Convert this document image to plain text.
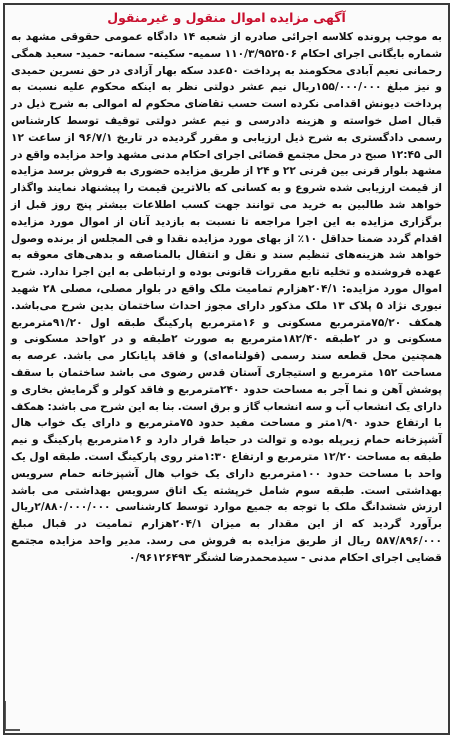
آگهی مزایده اموال منقول و غیرمنقول

به موجب پرونده کلاسه اجرائی صادره از شعبه ۱۴ دادگاه عمومی حقوقی مشهد به شماره بایگانی اجرای احکام ۱۱۰/۳/۹۵۲۵۰۶ سمیه- سکینه- سمانه- حمید- سعید همگی رحمانی نعیم آبادی محکومند به پرداخت ۵۰عدد سکه بهار آزادی در حق نسرین حمیدی و نیز مبلغ ۱۵۵/۰۰۰/۰۰۰ریال نیم عشر دولتی نظر به اینکه محکوم علیه نسبت به پرداخت دیونش اقدامی نکرده است حسب تقاضای محکوم له اموالی به شرح ذیل در قبال اصل خواسته و هزینه دادرسی و نیم عشر دولتی توقیف توسط کارشناس رسمی دادگستری به شرح ذیل ارزیابی و مقرر گردیده در تاریخ ۹۶/۷/۱ از ساعت ۱۲ الی ۱۲:۴۵ صبح در محل مجتمع قضائی اجرای احکام مدنی مشهد واحد مزایده واقع در مشهد بلوار قرنی بین قرنی ۲۲ و ۲۴ از طریق مزایده حضوری به فروش برسد مزایده از قیمت ارزیابی شده شروع و به کسانی که بالاترین قیمت را پیشنهاد نمایند واگذار خواهد شد طالبین به خرید می توانند جهت کسب اطلاعات بیشتر پنج روز قبل از برگزاری مزایده به این اجرا مراجعه تا نسبت به بازدید آنان از اموال مورد مزایده اقدام گردد ضمنا حداقل ۱۰٪ از بهای مورد مزایده نقدا و فی المجلس از برنده وصول خواهد شد هزینه‌های تنظیم سند و نقل و انتقال بالمناصفه و بدهی‌های معوقه به عهده فروشنده و تخلیه تابع مقررات قانونی بوده و ارتباطی به این اجرا ندارد. شرح اموال مورد مزایده: ۲۰۴/۱هزارم تمامیت ملک واقع در بلوار مصلی، مصلی ۲۸ شهید نیوری نژاد ۵ پلاک ۱۳ ملک مذکور دارای مجوز احداث ساختمان بدین شرح می‌باشد. همکف ۷۵/۲۰مترمربع مسکونی و ۱۶مترمربع پارکینگ طبقه اول ۹۱/۲۰مترمربع مسکونی و در ۲طبقه ۱۸۲/۴۰مترمربع به صورت ۲طبقه و در ۲واحد مسکونی و همچنین محل قطعه سند رسمی (قولنامه‌ای) و فاقد پایانکار می باشد. عرصه به مساحت ۱۵۲ مترمربع و استیجاری آستان قدس رضوی می باشد ساختمان با سقف پوشش آهن و نما آجر به مساحت حدود ۲۴۰مترمربع و فاقد کولر و گرمایش بخاری و دارای یک انشعاب آب و سه انشعاب گاز و برق است. بنا به این شرح می باشد: همکف با ارتفاع حدود ۱/۹۰متر و مساحت مفید حدود ۷۵مترمربع و دارای یک خواب هال آشپزخانه حمام زیرپله بوده و توالت در حیاط قرار دارد و ۱۶مترمربع پارکینگ و نیم طبقه به مساحت ۱۲/۲۰ مترمربع و ارتفاع ۱:۳۰متر روی پارکینگ است. طبقه اول یک واحد با مساحت حدود ۱۰۰مترمربع دارای یک خواب هال آشپزخانه حمام سرویس بهداشتی است. طبقه سوم شامل خرپشته یک اتاق سرویس بهداشتی می باشد ارزش ششدانگ ملک با توجه به جمیع موارد توسط کارشناسی ۲/۸۸۰/۰۰۰/۰۰۰ریال برآورد گردید که از این مقدار به میزان ۲۰۴/۱هزارم تمامیت در قبال مبلغ ۵۸۷/۸۹۶/۰۰۰ ریال از طریق مزایده به فروش می رسد. مدیر واحد مزایده مجتمع قضایی اجرای احکام مدنی - سیدمحمدرضا لشنگر ۰/۹۶۱۲۶۴۹۳
